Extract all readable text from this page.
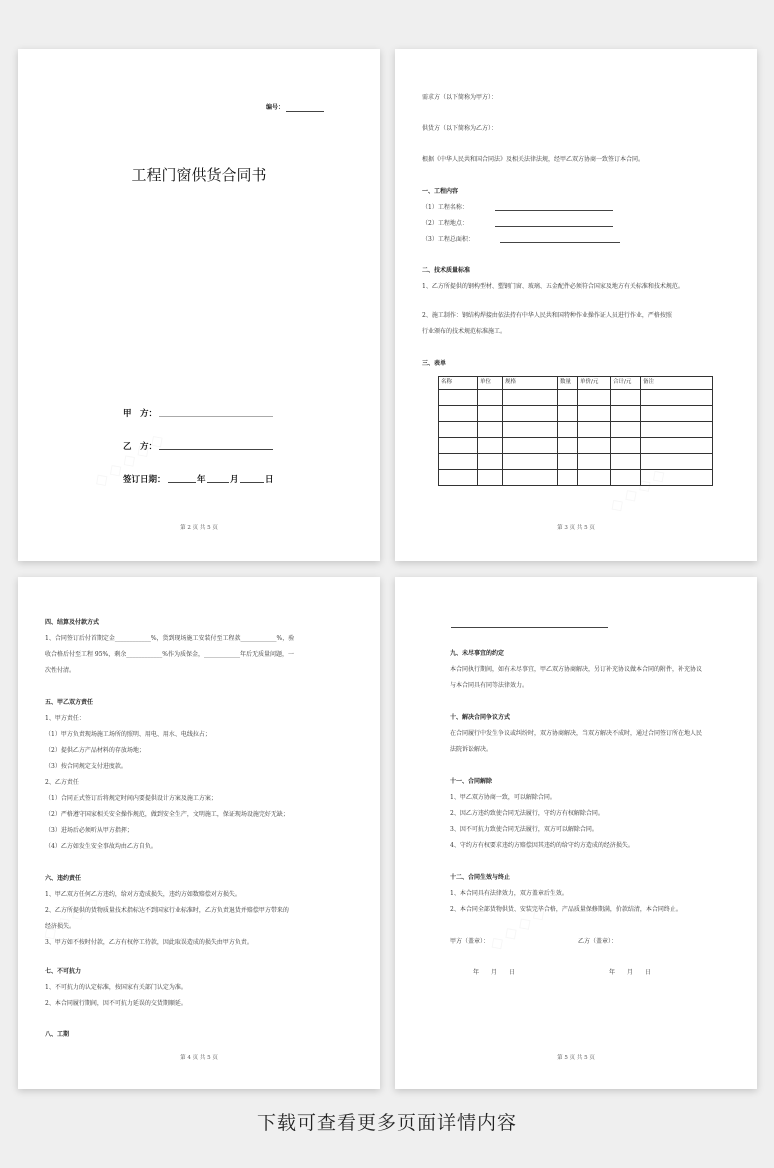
编号：
工程门窗供货合同书
甲　方：
乙　方：
签订日期：	年	月	日
第 2 页 共 5 页
需求方（以下简称为甲方）：
供货方（以下简称为乙方）：
根据《中华人民共和国合同法》及相关法律法规，经甲乙双方协商一致签订本合同。
一、工程内容
（1）工程名称：
（2）工程地点：
（3）工程总面积：
二、技术质量标准
1、乙方所提供的钢构型材、塑钢门窗、玻璃、五金配件必须符合国家及地方有关标准和技术规范。
2、施工制作：钢结构焊接由依法持有中华人民共和国特种作业操作证人员进行作业，严格按照
行业颁布的技术规范标准施工。
三、表单
名称	单位	规格	数量	单价/元	合计/元	备注

第 3 页 共 5 页
四、结算及付款方式
1、合同签订后付首期定金____________%，货到现场施工安装付至工程款____________%，验
收合格后付至工程 95%，剩余____________%作为质保金，____________年后无质量问题，一
次性付清。
五、甲乙双方责任
1、甲方责任：
（1）甲方负责现场施工场所的照明、用电、用水、电线拉占；
（2）提供乙方产品材料的存放场地；
（3）按合同规定支付进度款。
2、乙方责任
（1）合同正式签订后将规定时间内要提供设计方案及施工方案；
（2）严格遵守国家相关安全操作规范，做到安全生产，文明施工，保证现场设施完好无缺；
（3）进场后必须听从甲方指挥；
（4）乙方如发生安全事故均由乙方自负。
六、违约责任
1、甲乙双方任何乙方违约，给对方造成损失，违约方如数赔偿对方损失。
2、乙方所提供的货物质量技术指标达不到国家行业标准时，乙方负责退货并赔偿甲方带来的
经济损失。
3、甲方如不按时付款，乙方有权停工待款，因此取误造成的损失由甲方负责。
七、不可抗力
1、不可抗力的认定标准，按国家有关部门认定为准。
2、本合同履行期间，因不可抗力延误的交货期顺延。
八、工期
第 4 页 共 5 页
九、未尽事宜的约定
本合同执行期间，如有未尽事宜，甲乙双方协商解决，另订补充协议做本合同的附件，补充协议
与本合同具有同等法律效力。
十、解决合同争议方式
在合同履行中发生争议或纠纷时，双方协商解决，当双方解决不成时，通过合同签订所在地人民
法院诉讼解决。
十一、合同解除
1、甲乙双方协商一致，可以解除合同。
2、因乙方违约致使合同无法履行，守约方有权解除合同。
3、因不可抗力致使合同无法履行，双方可以解除合同。
4、守约方有权要求违约方赔偿因其违约的给守约方造成的经济损失。
十二、合同生效与终止
1、本合同具有法律效力，双方盖章后生效。
2、本合同全部货物供货、安装完毕合格，产品质量保修期满，价款结清，本合同终止。
甲方（盖章）：	乙方（盖章）：
年　　月　　日	年　　月　　日
第 5 页 共 5 页
下载可查看更多页面详情内容
